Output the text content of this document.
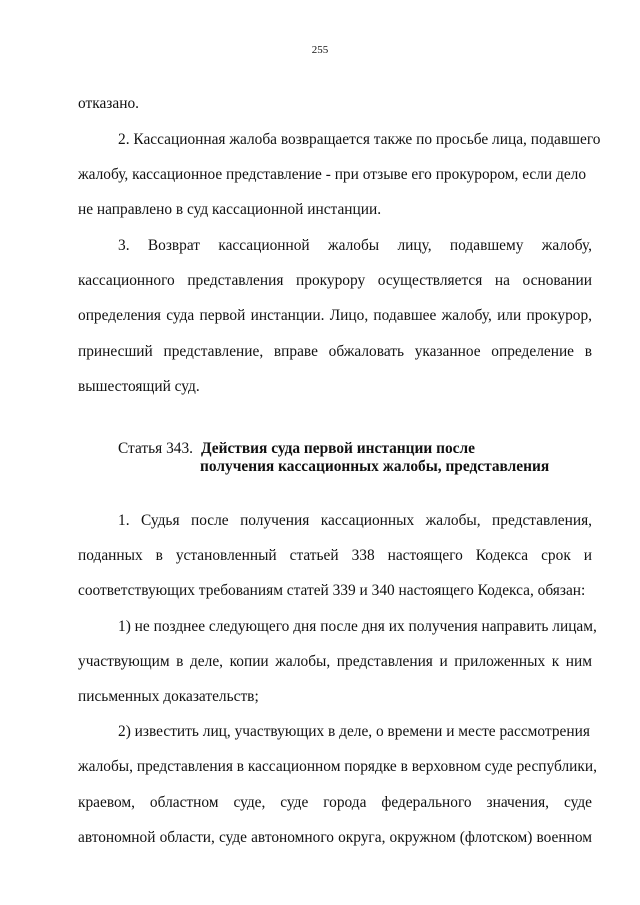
255
отказано.
2. Кассационная жалоба возвращается также по просьбе лица, подавшего
жалобу, кассационное представление - при отзыве его прокурором, если дело
не направлено в суд кассационной инстанции.
3. Возврат кассационной жалобы лицу, подавшему жалобу,
кассационного представления прокурору осуществляется на основании
определения суда первой инстанции. Лицо, подавшее жалобу, или прокурор,
принесший представление, вправе обжаловать указанное определение в
вышестоящий суд.
Статья 343. Действия суда первой инстанции после
получения кассационных жалобы, представления
1. Судья после получения кассационных жалобы, представления,
поданных в установленный статьей 338 настоящего Кодекса срок и
соответствующих требованиям статей 339 и 340 настоящего Кодекса, обязан:
1) не позднее следующего дня после дня их получения направить лицам,
участвующим в деле, копии жалобы, представления и приложенных к ним
письменных доказательств;
2) известить лиц, участвующих в деле, о времени и месте рассмотрения
жалобы, представления в кассационном порядке в верховном суде республики,
краевом, областном суде, суде города федерального значения, суде
автономной области, суде автономного округа, окружном (флотском) военном
